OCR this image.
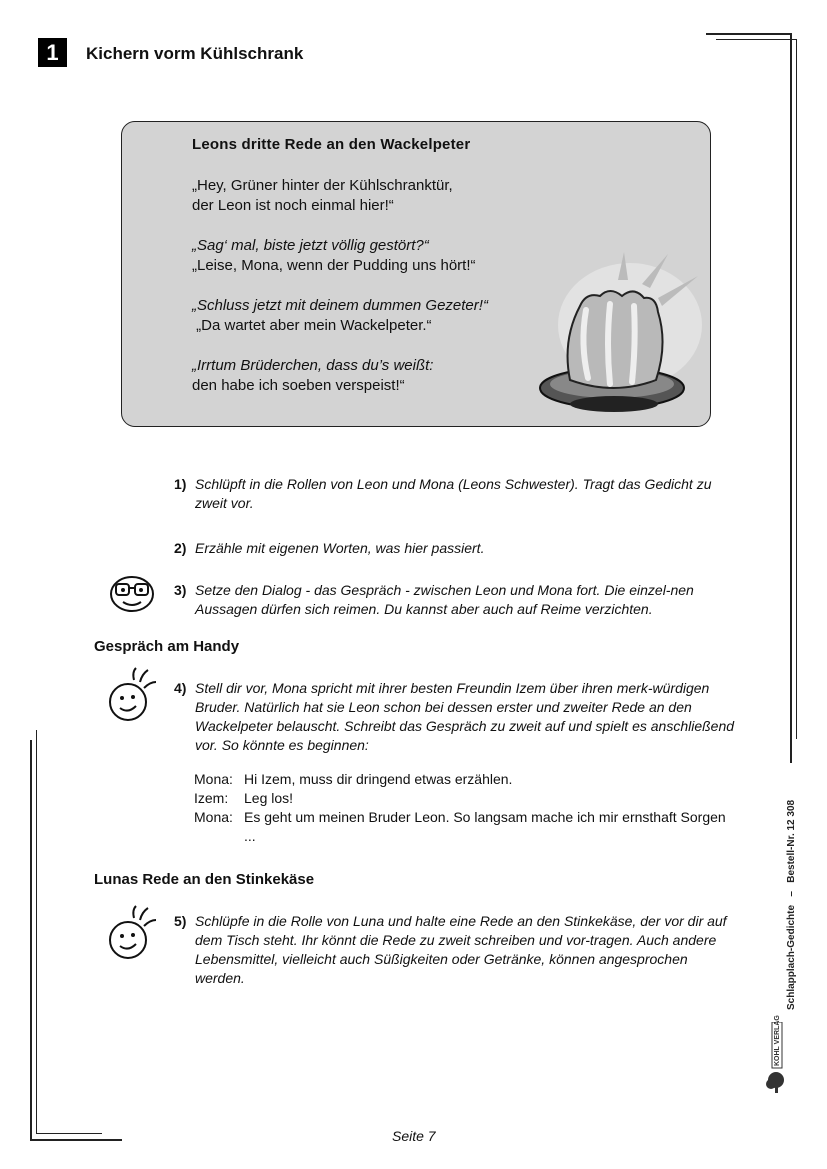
1	Kichern vorm Kühlschrank
Leons dritte Rede an den Wackelpeter
„Hey, Grüner hinter der Kühlschranktür,
der Leon ist noch einmal hier!“
„Sag‘ mal, biste jetzt völlig gestört?“
„Leise, Mona, wenn der Pudding uns hört!“
„Schluss jetzt mit deinem dummen Gezeter!“
„Da wartet aber mein Wackelpeter.“
„Irrtum Brüderchen, dass du’s weißt:
den habe ich soeben verspeist!“
1) Schlüpft in die Rollen von Leon und Mona (Leons Schwester). Tragt das Gedicht zu zweit vor.
2) Erzähle mit eigenen Worten, was hier passiert.
3) Setze den Dialog - das Gespräch - zwischen Leon und Mona fort. Die einzel-nen Aussagen dürfen sich reimen. Du kannst aber auch auf Reime verzichten.
Gespräch am Handy
4) Stell dir vor, Mona spricht mit ihrer besten Freundin Izem über ihren merk-würdigen Bruder. Natürlich hat sie Leon schon bei dessen erster und zweiter Rede an den Wackelpeter belauscht. Schreibt das Gespräch zu zweit auf und spielt es anschließend vor. So könnte es beginnen:
Mona: Hi Izem, muss dir dringend etwas erzählen.
Izem: Leg los!
Mona: Es geht um meinen Bruder Leon. So langsam mache ich mir ernsthaft Sorgen ...
Lunas Rede an den Stinkekäse
5) Schlüpfe in die Rolle von Luna und halte eine Rede an den Stinkekäse, der vor dir auf dem Tisch steht. Ihr könnt die Rede zu zweit schreiben und vor-tragen. Auch andere Lebensmittel, vielleicht auch Süßigkeiten oder Getränke, können angesprochen werden.	Schlapplach-Gedichte   –   Bestell-Nr. 12 308
KOHL VERLAG
Seite 7
